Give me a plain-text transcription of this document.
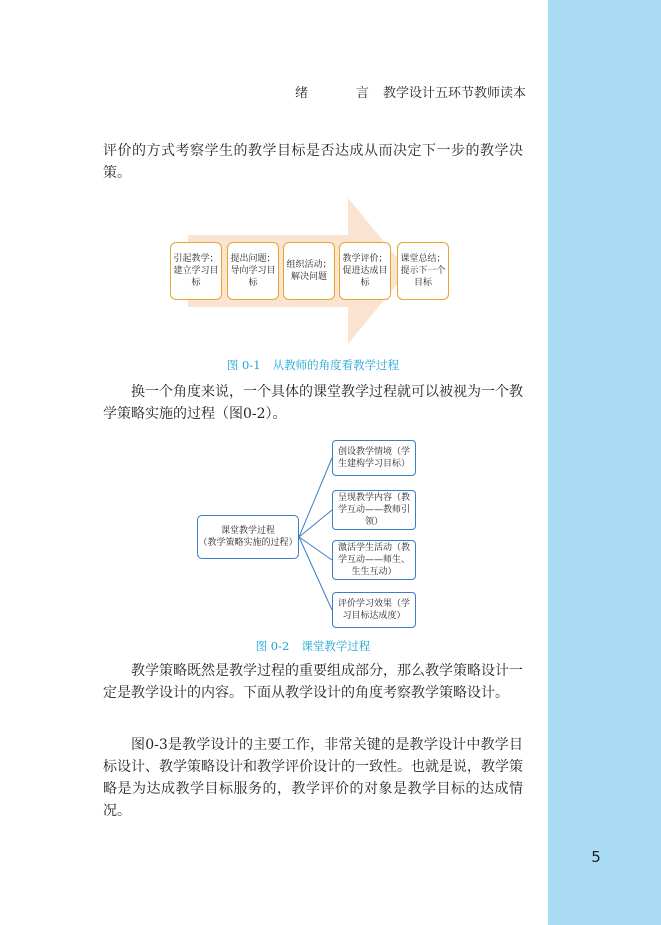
绪	言 教学设计五环节教师读本

评价的方式考察学生的教学目标是否达成从而决定下一步的教学决策。

引起教学；建立学习目标
提出问题；导向学习目标
组织活动；解决问题
教学评价；促进达成目标
课堂总结；提示下一个目标
图 0-1 从教师的角度看教学过程

换一个角度来说，一个具体的课堂教学过程就可以被视为一个教学策略实施的过程（图0-2）。

课堂教学过程
（教学策略实施的过程）
创设教学情境（学生建构学习目标）
呈现教学内容（教学互动——教师引领）
激活学生活动（教学互动——师生、生生互动）
评价学习效果（学习目标达成度）
图 0-2 课堂教学过程

教学策略既然是教学过程的重要组成部分，那么教学策略设计一定是教学设计的内容。下面从教学设计的角度考察教学策略设计。

图0-3是教学设计的主要工作，非常关键的是教学设计中教学目标设计、教学策略设计和教学评价设计的一致性。也就是说，教学策略是为达成教学目标服务的，教学评价的对象是教学目标的达成情况。

5
